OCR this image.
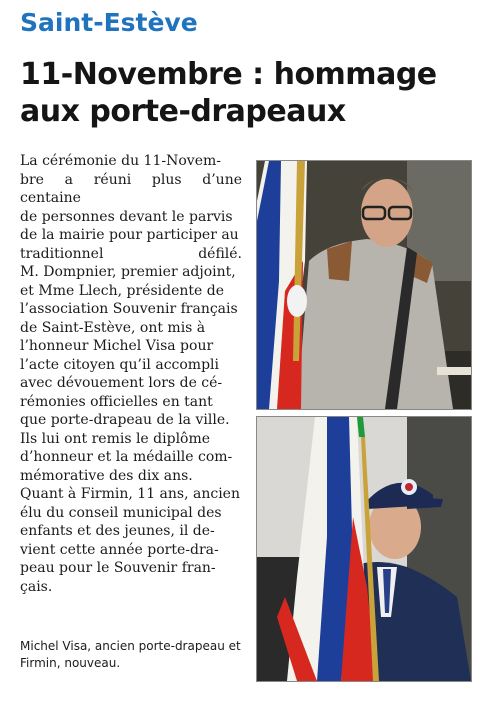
Saint-Estève
11-Novembre : hommage aux porte-drapeaux
La cérémonie du 11-Novem-
bre a réuni plus d’une centaine
de personnes devant le parvis
de la mairie pour participer au
traditionnel défilé.
M. Dompnier, premier adjoint,
et Mme Llech, présidente de
l’association Souvenir français
de Saint-Estève, ont mis à
l’honneur Michel Visa pour
l’acte citoyen qu’il accompli
avec dévouement lors de cé-
rémonies officielles en tant
que porte-drapeau de la ville.
Ils lui ont remis le diplôme
d’honneur et la médaille com-
mémorative des dix ans.
Quant à Firmin, 11 ans, ancien
élu du conseil municipal des
enfants et des jeunes, il de-
vient cette année porte-dra-
peau pour le Souvenir fran-
çais.
Michel Visa, ancien porte-drapeau et Firmin, nouveau.
